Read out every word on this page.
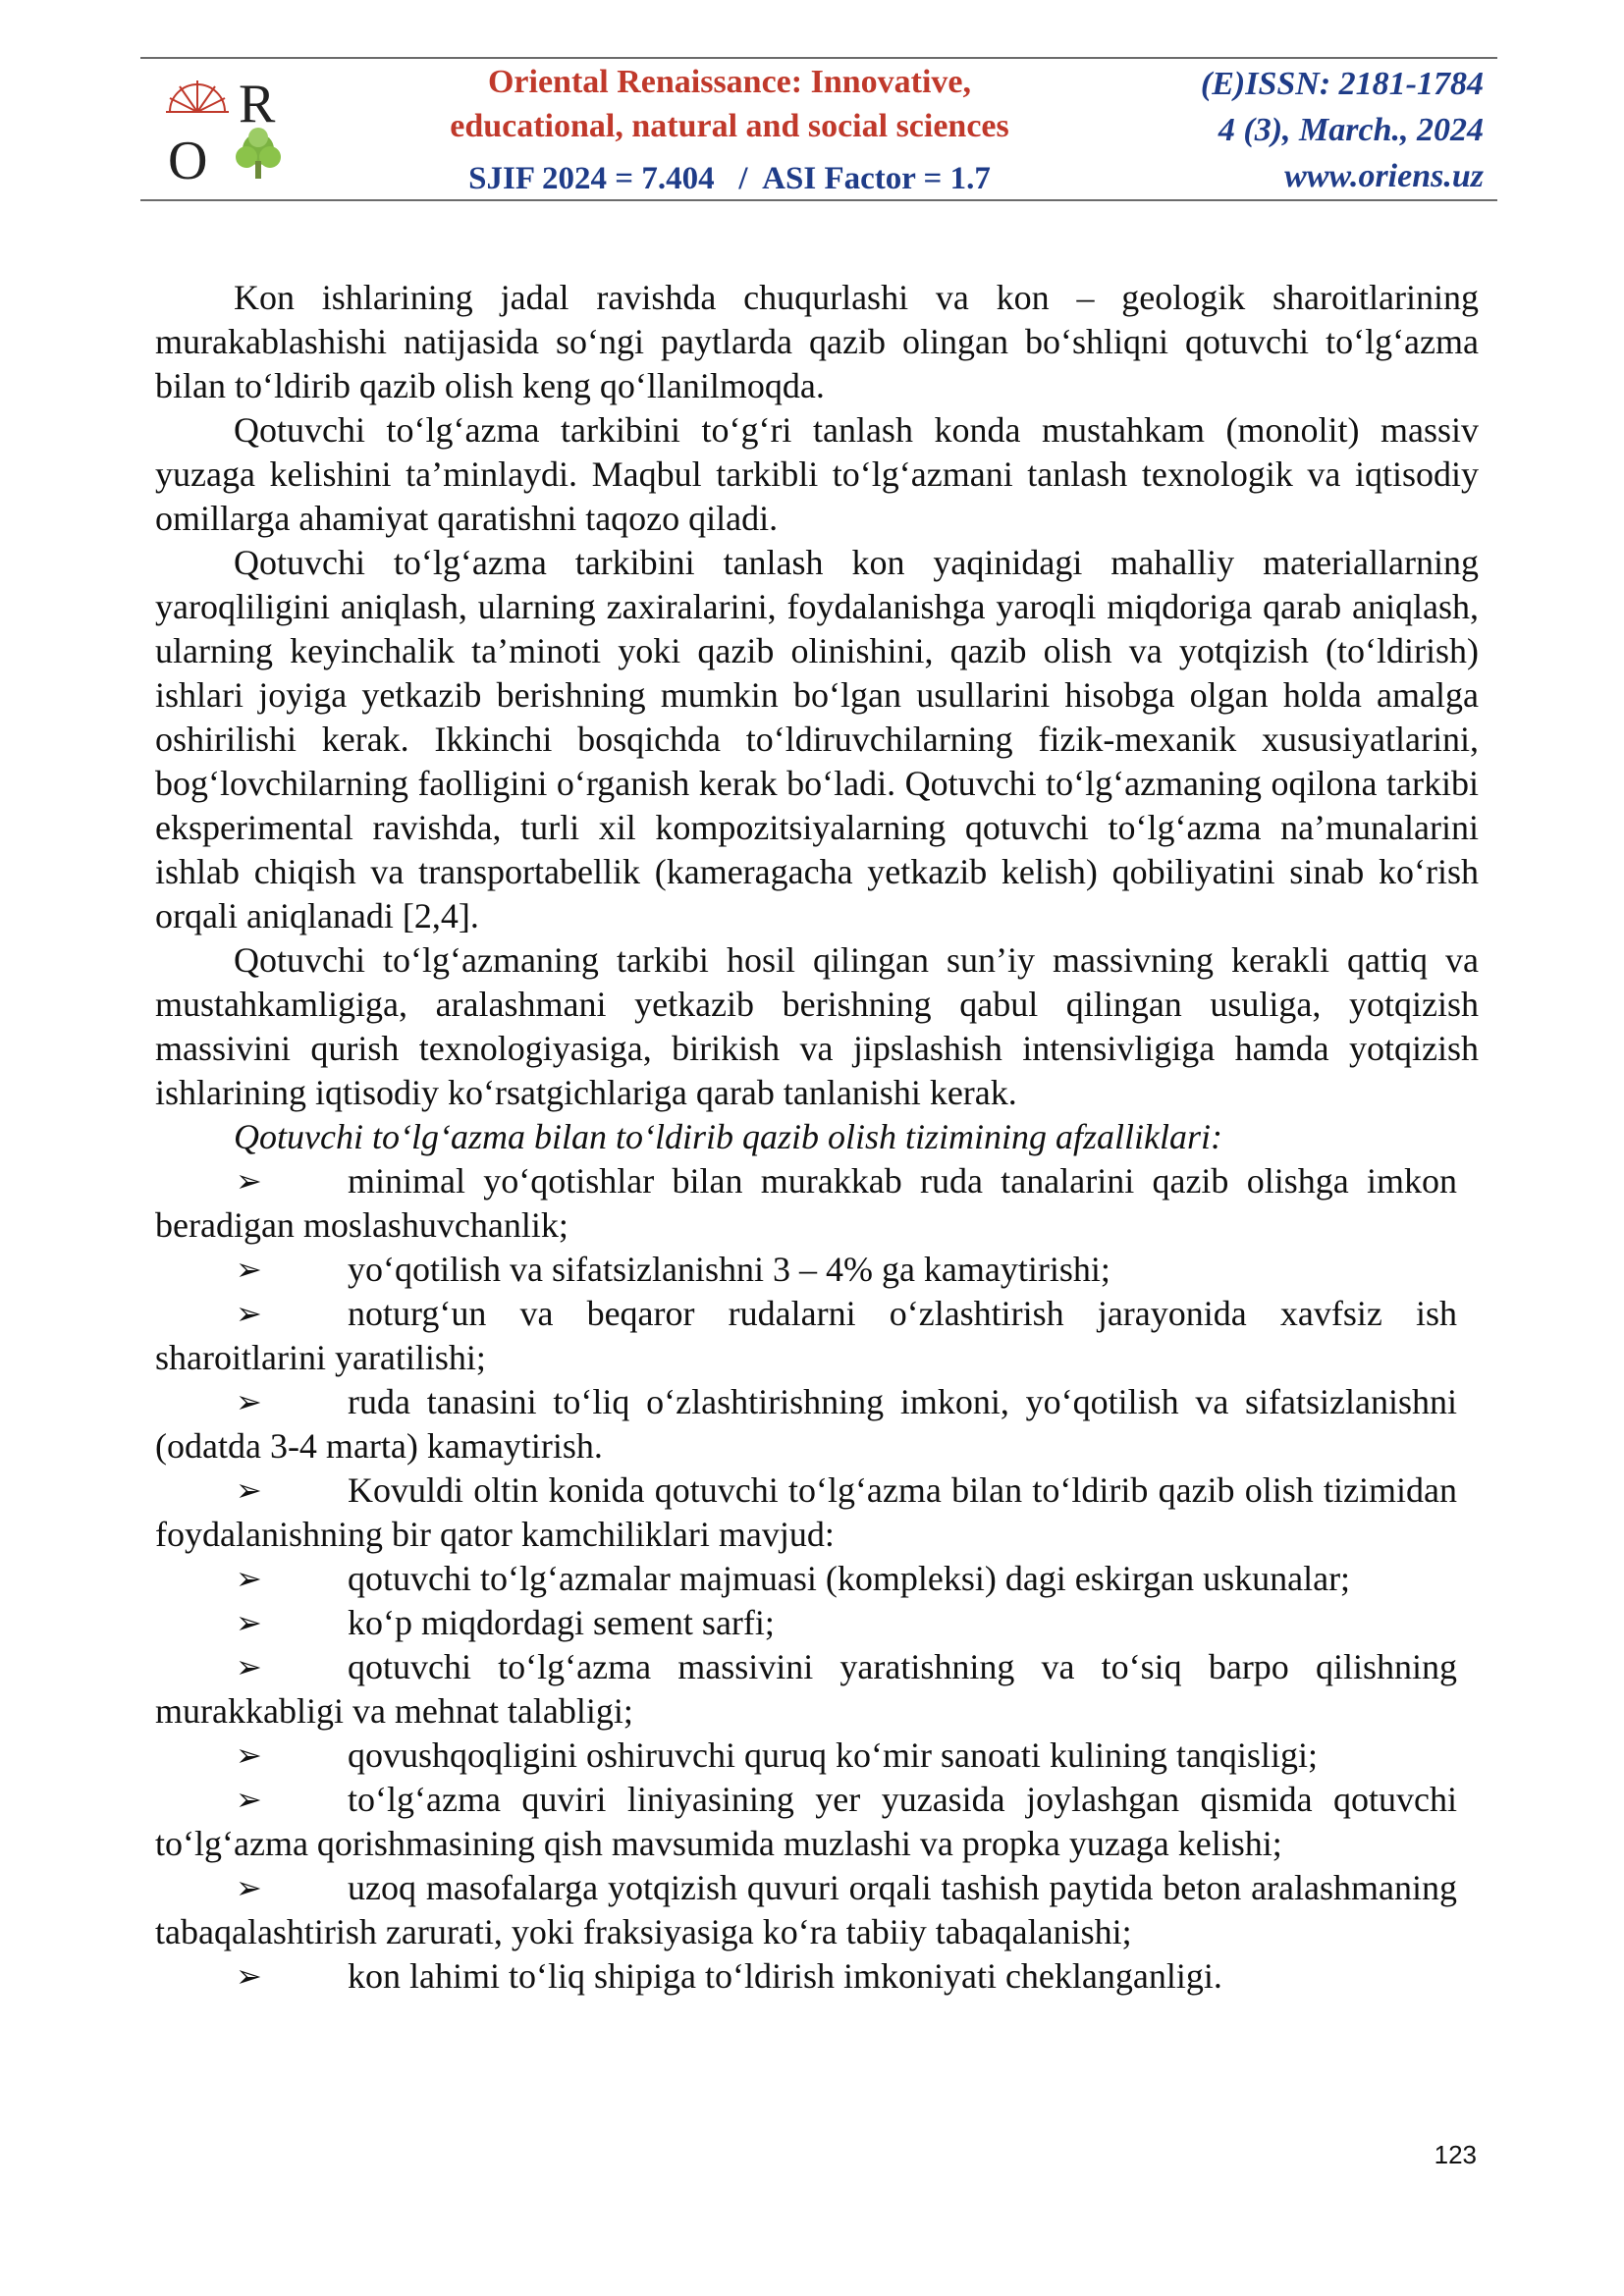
O
R	Oriental Renaissance: Innovative,
educational, natural and social sciences
SJIF 2024 = 7.404   /  ASI Factor = 1.7
(E)ISSN: 2181-1784
4 (3), March., 2024
www.oriens.uz

Kon ishlarining jadal ravishda chuqurlashi va kon – geologik sharoitlarining murakablashishi natijasida so‘ngi paytlarda qazib olingan bo‘shliqni qotuvchi to‘lg‘azma bilan to‘ldirib qazib olish keng qo‘llanilmoqda.

Qotuvchi to‘lg‘azma tarkibini to‘g‘ri tanlash konda mustahkam (monolit) massiv yuzaga kelishini ta’minlaydi. Maqbul tarkibli to‘lg‘azmani tanlash texnologik va iqtisodiy omillarga ahamiyat qaratishni taqozo qiladi.

Qotuvchi to‘lg‘azma tarkibini tanlash kon yaqinidagi mahalliy materiallarning yaroqliligini aniqlash, ularning zaxiralarini, foydalanishga yaroqli miqdoriga qarab aniqlash, ularning keyinchalik ta’minoti yoki qazib olinishini, qazib olish va yotqizish (to‘ldirish) ishlari joyiga yetkazib berishning mumkin bo‘lgan usullarini hisobga olgan holda amalga oshirilishi kerak. Ikkinchi bosqichda to‘ldiruvchilarning fizik-mexanik xususiyatlarini, bog‘lovchilarning faolligini o‘rganish kerak bo‘ladi. Qotuvchi to‘lg‘azmaning oqilona tarkibi eksperimental ravishda, turli xil kompozitsiyalarning qotuvchi to‘lg‘azma na’munalarini ishlab chiqish va transportabellik (kameragacha yetkazib kelish) qobiliyatini sinab ko‘rish orqali aniqlanadi [2,4].

Qotuvchi to‘lg‘azmaning tarkibi hosil qilingan sun’iy massivning kerakli qattiq va mustahkamligiga, aralashmani yetkazib berishning qabul qilingan usuliga, yotqizish massivini qurish texnologiyasiga, birikish va jipslashish intensivligiga hamda yotqizish ishlarining iqtisodiy ko‘rsatgichlariga qarab tanlanishi kerak.

Qotuvchi to‘lg‘azma bilan to‘ldirib qazib olish tizimining afzalliklari:

➢ minimal yo‘qotishlar bilan murakkab ruda tanalarini qazib olishga imkon beradigan moslashuvchanlik;

➢ yo‘qotilish va sifatsizlanishni 3 – 4% ga kamaytirishi;

➢ noturg‘un va beqaror rudalarni o‘zlashtirish jarayonida xavfsiz ish sharoitlarini yaratilishi;

➢ ruda tanasini to‘liq o‘zlashtirishning imkoni, yo‘qotilish va sifatsizlanishni (odatda 3-4 marta) kamaytirish.

➢ Kovuldi oltin konida qotuvchi to‘lg‘azma bilan to‘ldirib qazib olish tizimidan foydalanishning bir qator kamchiliklari mavjud:

➢ qotuvchi to‘lg‘azmalar majmuasi (kompleksi) dagi eskirgan uskunalar;

➢ ko‘p miqdordagi sement sarfi;

➢ qotuvchi to‘lg‘azma massivini yaratishning va to‘siq barpo qilishning murakkabligi va mehnat talabligi;

➢ qovushqoqligini oshiruvchi quruq ko‘mir sanoati kulining tanqisligi;

➢ to‘lg‘azma quviri liniyasining yer yuzasida joylashgan qismida qotuvchi to‘lg‘azma qorishmasining qish mavsumida muzlashi va propka yuzaga kelishi;

➢ uzoq masofalarga yotqizish quvuri orqali tashish paytida beton aralashmaning tabaqalashtirish zarurati, yoki fraksiyasiga ko‘ra tabiiy tabaqalanishi;

➢ kon lahimi to‘liq shipiga to‘ldirish imkoniyati cheklanganligi.

123
